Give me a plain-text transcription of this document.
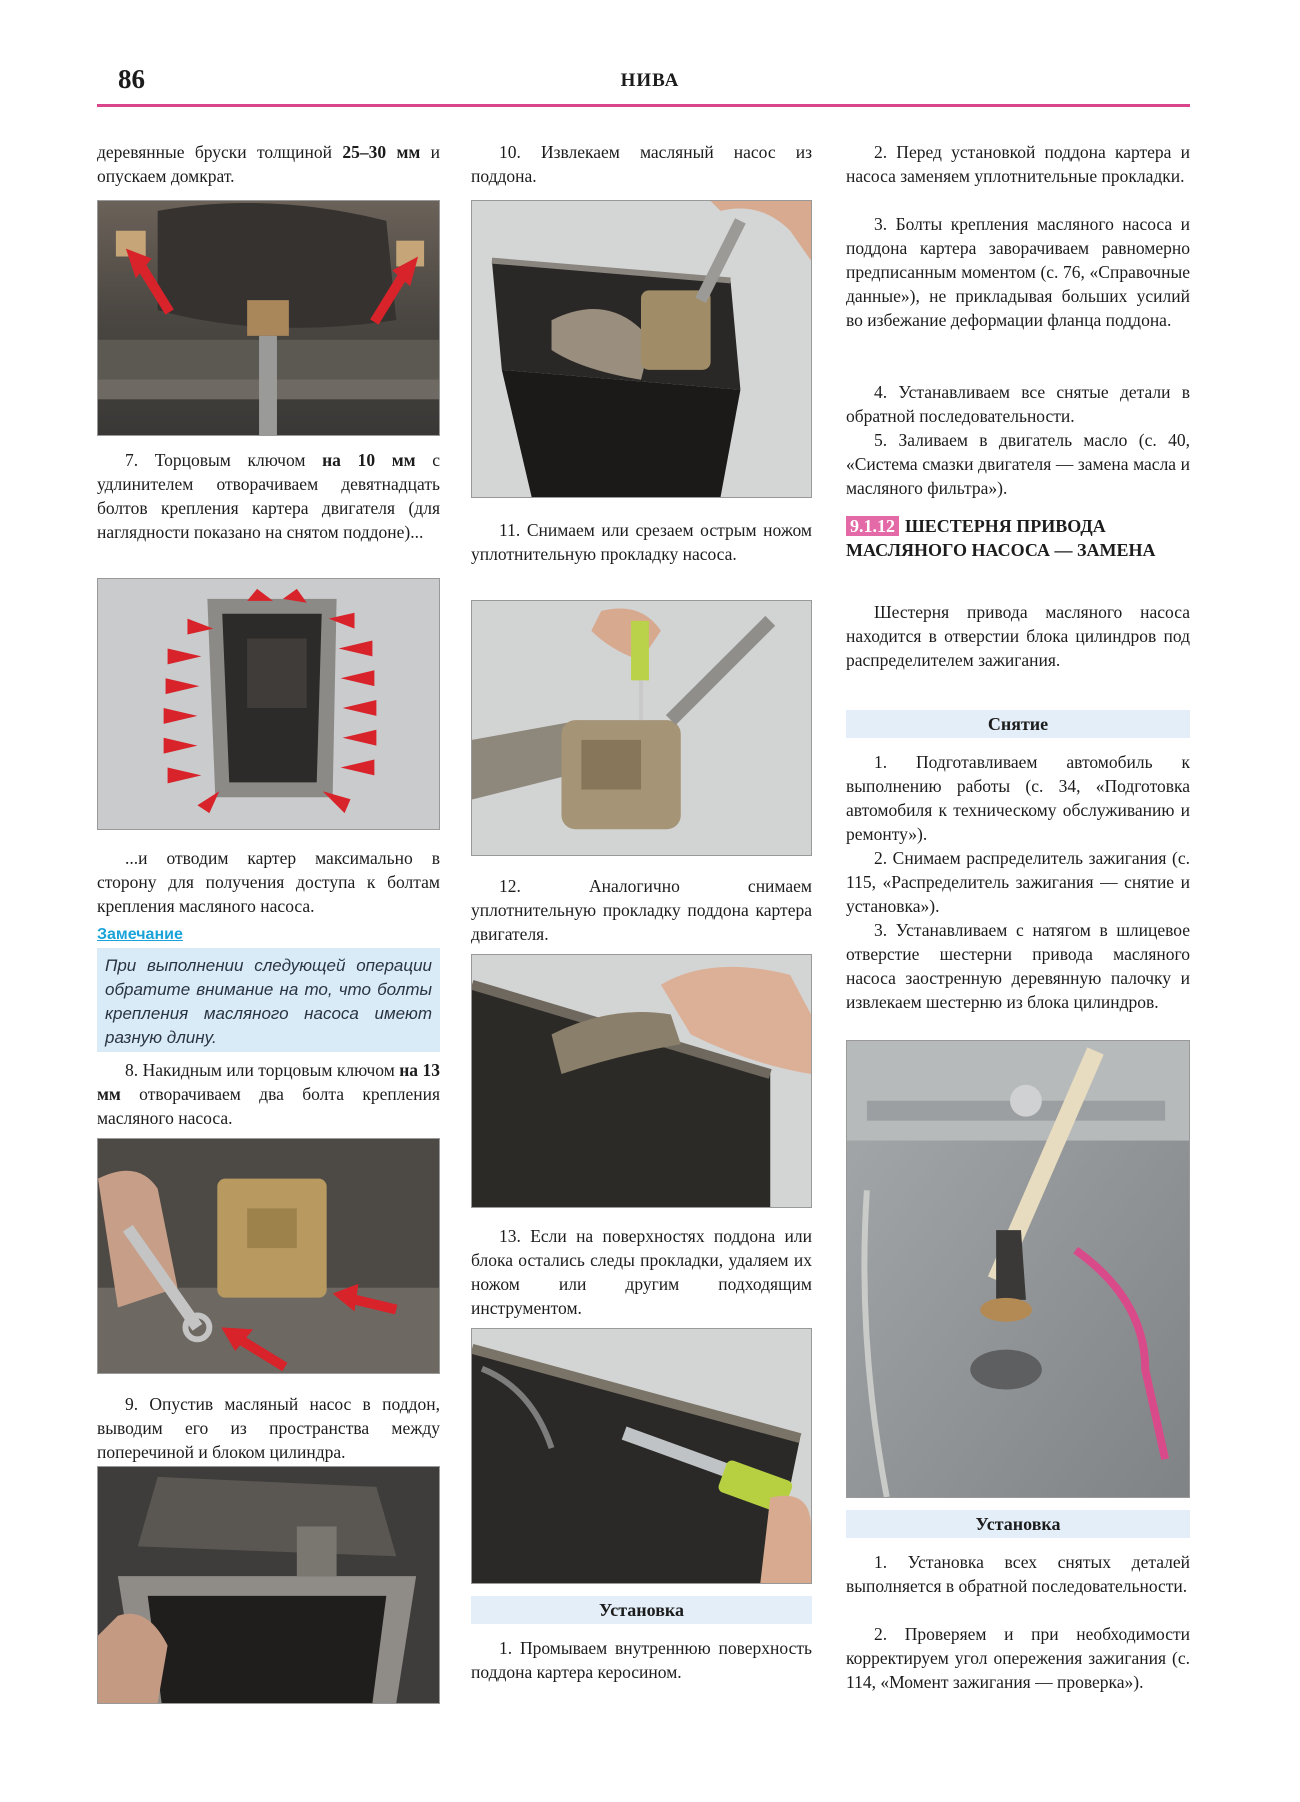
86	НИВА

деревянные бруски толщиной 25–30 мм и опускаем домкрат.

7. Торцовым ключом на 10 мм с удлинителем отворачиваем девятнадцать болтов крепления картера двигателя (для наглядности показано на снятом поддоне)...

...и отводим картер максимально в сторону для получения доступа к болтам крепления масляного насоса.

Замечание

При выполнении следующей операции обратите внимание на то, что болты крепления масляного насоса имеют разную длину.

8. Накидным или торцовым ключом на 13 мм отворачиваем два болта крепления масляного насоса.

9. Опустив масляный насос в поддон, выводим его из пространства между поперечиной и блоком цилиндра.

10. Извлекаем масляный насос из поддона.

11. Снимаем или срезаем острым ножом уплотнительную прокладку насоса.

12. Аналогично снимаем уплотнительную прокладку поддона картера двигателя.

13. Если на поверхностях поддона или блока остались следы прокладки, удаляем их ножом или другим подходящим инструментом.

Установка

1. Промываем внутреннюю поверхность поддона картера керосином.

2. Перед установкой поддона картера и насоса заменяем уплотнительные прокладки.

3. Болты крепления масляного насоса и поддона картера заворачиваем равномерно предписанным моментом (с. 76, «Справочные данные»), не прикладывая больших усилий во избежание деформации фланца поддона.

4. Устанавливаем все снятые детали в обратной последовательности.

5. Заливаем в двигатель масло (с. 40, «Система смазки двигателя — замена масла и масляного фильтра»).

9.1.12 ШЕСТЕРНЯ ПРИВОДА МАСЛЯНОГО НАСОСА — ЗАМЕНА

Шестерня привода масляного насоса находится в отверстии блока цилиндров под распределителем зажигания.

Снятие

1. Подготавливаем автомобиль к выполнению работы (с. 34, «Подготовка автомобиля к техническому обслуживанию и ремонту»).

2. Снимаем распределитель зажигания (с. 115, «Распределитель зажигания — снятие и установка»).

3. Устанавливаем с натягом в шлицевое отверстие шестерни привода масляного насоса заостренную деревянную палочку и извлекаем шестерню из блока цилиндров.

Установка

1. Установка всех снятых деталей выполняется в обратной последовательности.

2. Проверяем и при необходимости корректируем угол опережения зажигания (с. 114, «Момент зажигания — проверка»).
